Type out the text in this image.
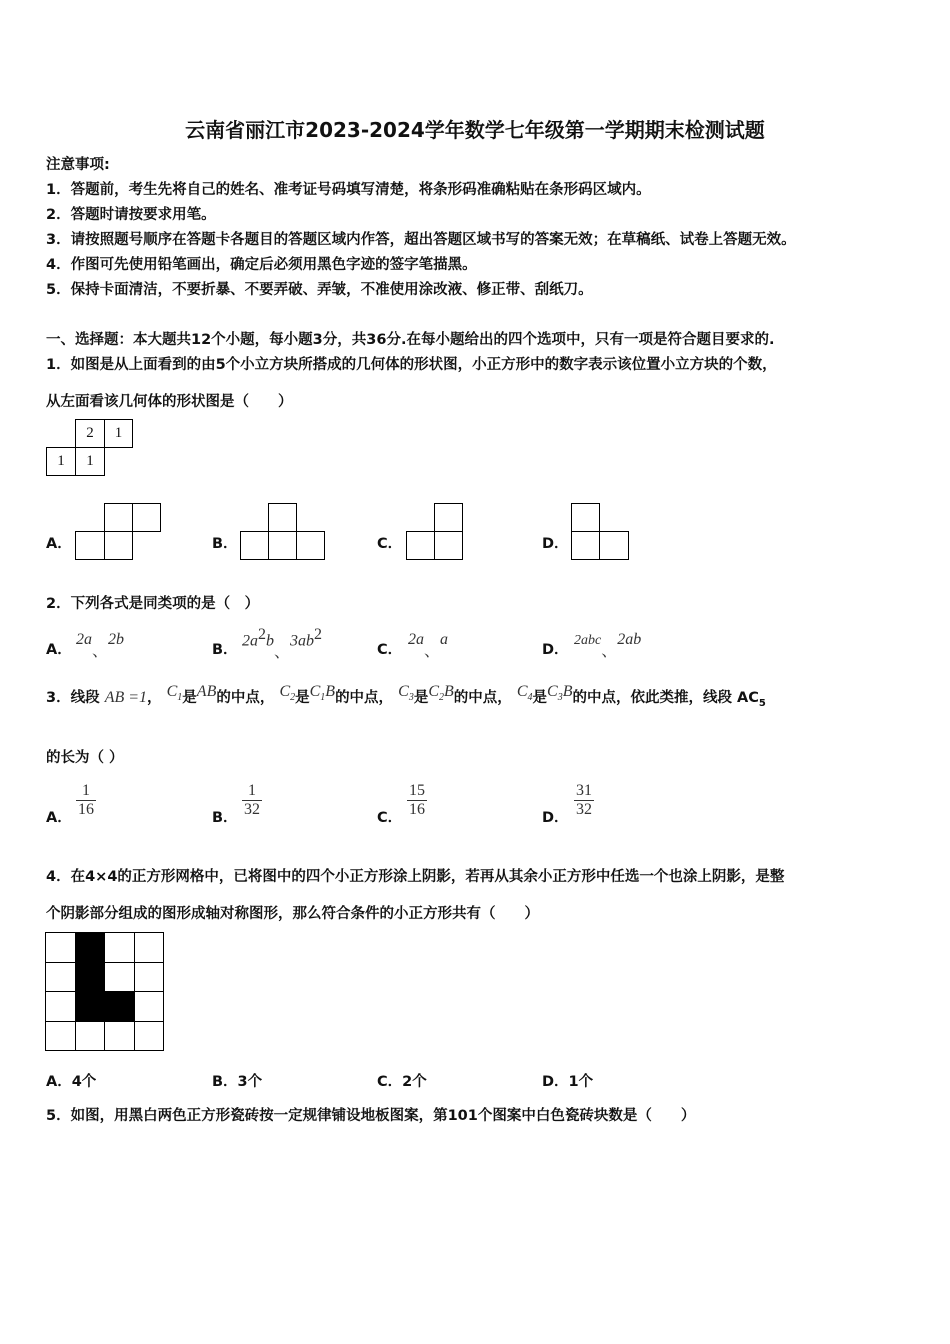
云南省丽江市2023-2024学年数学七年级第一学期期末检测试题
注意事项:
1．答题前，考生先将自己的姓名、准考证号码填写清楚，将条形码准确粘贴在条形码区域内。
2．答题时请按要求用笔。
3．请按照题号顺序在答题卡各题目的答题区域内作答，超出答题区域书写的答案无效；在草稿纸、试卷上答题无效。
4．作图可先使用铅笔画出，确定后必须用黑色字迹的签字笔描黑。
5．保持卡面清洁，不要折暴、不要弄破、弄皱，不准使用涂改液、修正带、刮纸刀。
一、选择题：本大题共12个小题，每小题3分，共36分.在每小题给出的四个选项中，只有一项是符合题目要求的.
1．如图是从上面看到的由5个小立方块所搭成的几何体的形状图，小正方形中的数字表示该位置小立方块的个数，
从左面看该几何体的形状图是（　　）
2	1
1	1
A．	B．	C．	D．
2．下列各式是同类项的是（　）
A．
2a、2b
B．
$2a^2b$、$3ab^2$
C．
2a、a
D．
2abc、2ab
3．线段 AB =1， $C_1$是AB的中点， $C_2$是$C_1B$的中点， $C_3$是$C_2B$的中点， $C_4$是$C_3B$的中点，依此类推，线段 $AC_5$
的长为（ ）
A． $\frac{1}{16}$	B． $\frac{1}{32}$	C． $\frac{15}{16}$	D． $\frac{31}{32}$
4．在4×4的正方形网格中，已将图中的四个小正方形涂上阴影，若再从其余小正方形中任选一个也涂上阴影，是整
个阴影部分组成的图形成轴对称图形，那么符合条件的小正方形共有（　　）
A．4个	B．3个	C．2个	D．1个
5．如图，用黑白两色正方形瓷砖按一定规律铺设地板图案，第101个图案中白色瓷砖块数是（　　）
